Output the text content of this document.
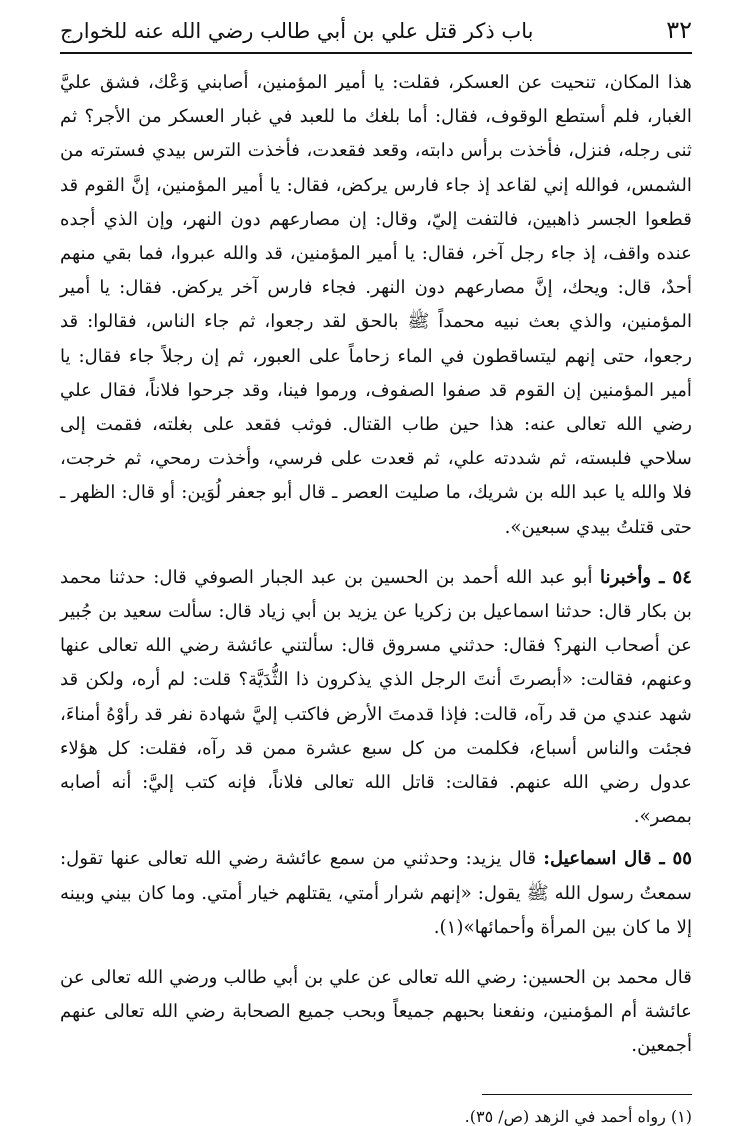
٣٢
باب ذكر قتل علي بن أبي طالب رضي الله عنه للخوارج

هذا المكان، تنحيت عن العسكر، فقلت: يا أمير المؤمنين، أصابني وَعْك، فشق عليَّ الغبار، فلم أستطع الوقوف، فقال: أما بلغك ما للعبد في غبار العسكر من الأجر؟ ثم ثنى رجله، فنزل، فأخذت برأس دابته، وقعد فقعدت، فأخذت الترس بيدي فسترته من الشمس، فوالله إني لقاعد إذ جاء فارس يركض، فقال: يا أمير المؤمنين، إنَّ القوم قد قطعوا الجسر ذاهبين، فالتفت إليّ، وقال: إن مصارعهم دون النهر، وإن الذي أجده عنده واقف، إذ جاء رجل آخر، فقال: يا أمير المؤمنين، قد والله عبروا، فما بقي منهم أحدٌ، قال: ويحك، إنَّ مصارعهم دون النهر. فجاء فارس آخر يركض. فقال: يا أمير المؤمنين، والذي بعث نبيه محمداً ﷺ بالحق لقد رجعوا، ثم جاء الناس، فقالوا: قد رجعوا، حتى إنهم ليتساقطون في الماء زحاماً على العبور، ثم إن رجلاً جاء فقال: يا أمير المؤمنين إن القوم قد صفوا الصفوف، ورموا فينا، وقد جرحوا فلاناً، فقال علي رضي الله تعالى عنه: هذا حين طاب القتال. فوثب فقعد على بغلته، فقمت إلى سلاحي فلبسته، ثم شددته علي، ثم قعدت على فرسي، وأخذت رمحي، ثم خرجت، فلا والله يا عبد الله بن شريك، ما صليت العصر ـ قال أبو جعفر لُوَين: أو قال: الظهر ـ حتى قتلتُ بيدي سبعين».

٥٤ ـ وأخبرنا أبو عبد الله أحمد بن الحسين بن عبد الجبار الصوفي قال: حدثنا محمد بن بكار قال: حدثنا اسماعيل بن زكريا عن يزيد بن أبي زياد قال: سألت سعيد بن جُبير عن أصحاب النهر؟ فقال: حدثني مسروق قال: سألتني عائشة رضي الله تعالى عنها وعنهم، فقالت: «أبصرتَ أنتَ الرجل الذي يذكرون ذا الثُّدَيَّة؟ قلت: لم أره، ولكن قد شهد عندي من قد رآه، قالت: فإذا قدمتَ الأرض فاكتب إليَّ شهادة نفر قد رأوْهُ أمناءَ، فجئت والناس أسباع، فكلمت من كل سبع عشرة ممن قد رآه، فقلت: كل هؤلاء عدول رضي الله عنهم. فقالت: قاتل الله تعالى فلاناً، فإنه كتب إليَّ: أنه أصابه بمصر».

٥٥ ـ قال اسماعيل: قال يزيد: وحدثني من سمع عائشة رضي الله تعالى عنها تقول: سمعتُ رسول الله ﷺ يقول: «إنهم شرار أمتي، يقتلهم خيار أمتي. وما كان بيني وبينه إلا ما كان بين المرأة وأحمائها»(١).

قال محمد بن الحسين: رضي الله تعالى عن علي بن أبي طالب ورضي الله تعالى عن عائشة أم المؤمنين، ونفعنا بحبهم جميعاً وبحب جميع الصحابة رضي الله تعالى عنهم أجمعين.

(١) رواه أحمد في الزهد (ص/ ٣٥).
